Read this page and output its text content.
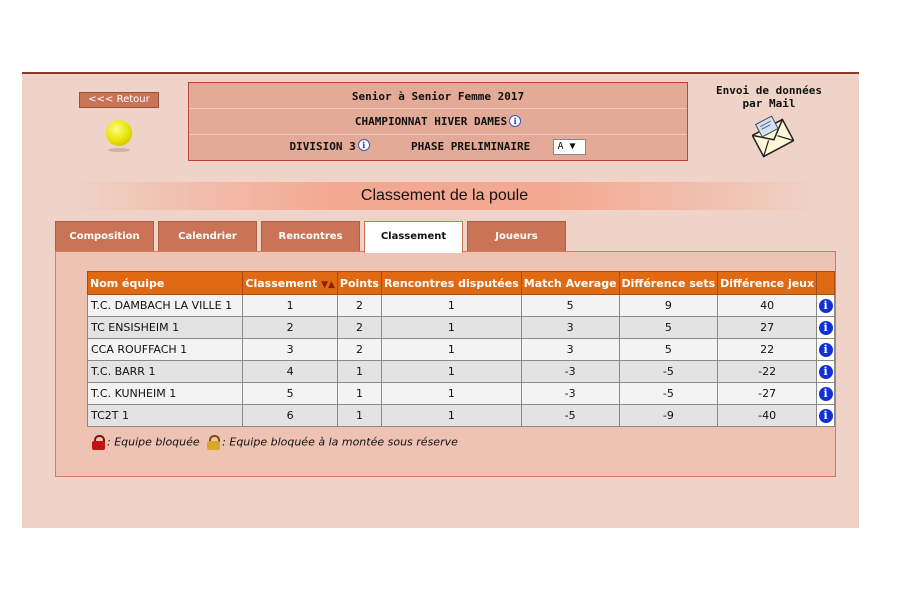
<<< Retour	Senior à Senior Femme 2017
CHAMPIONNAT HIVER DAMES i
DIVISION 3 i	PHASE PRELIMINAIRE	A ▼
Envoi de données par Mail
Classement de la poule
Composition	Calendrier	Rencontres	Classement	Joueurs
Nom équipe	Classement ▼▲	Points	Rencontres disputées	Match Average	Différence sets	Différence jeux	
T.C. DAMBACH LA VILLE 1	1	2	1	5	9	40	i
TC ENSISHEIM 1	2	2	1	3	5	27	i
CCA ROUFFACH 1	3	2	1	3	5	22	i
T.C. BARR 1	4	1	1	-3	-5	-22	i
T.C. KUNHEIM 1	5	1	1	-3	-5	-27	i
TC2T 1	6	1	1	-5	-9	-40	i
: Equipe bloquée : Equipe bloquée à la montée sous réserve
